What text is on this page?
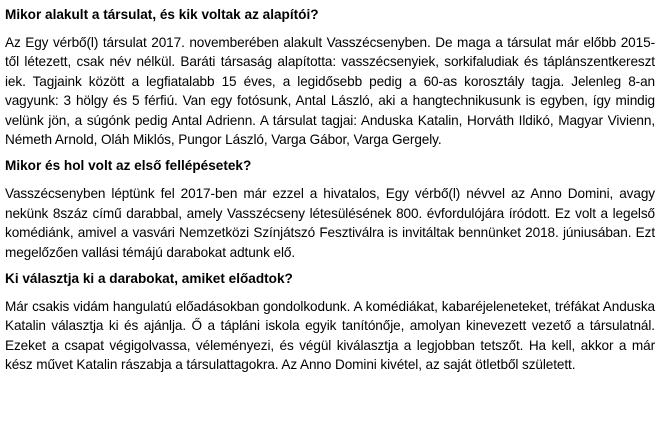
Mikor alakult a társulat, és kik voltak az alapítói?

Az Egy vérbő(l) társulat 2017. novemberében alakult Vasszécsenyben. De maga a társulat már előbb 2015-től létezett, csak név nélkül. Baráti társaság alapította: vasszécsenyiek, sorkifaludiak és táplánszentkereszt iek. Tagjaink között a legfiatalabb 15 éves, a legidősebb pedig a 60-as korosztály tagja. Jelenleg 8-an vagyunk: 3 hölgy és 5 férfiú. Van egy fotósunk, Antal László, aki a hangtechnikusunk is egyben, így mindig velünk jön, a súgónk pedig Antal Adrienn. A társulat tagjai: Anduska Katalin, Horváth Ildikó, Magyar Vivienn, Németh Arnold, Oláh Miklós, Pungor László, Varga Gábor, Varga Gergely.

Mikor és hol volt az első fellépésetek?

Vasszécsenyben léptünk fel 2017-ben már ezzel a hivatalos, Egy vérbő(l) névvel az Anno Domini, avagy nekünk 8száz című darabbal, amely Vasszécseny létesülésének 800. évfordulójára íródott. Ez volt a legelső komédiánk, amivel a vasvári Nemzetközi Színjátszó Fesztiválra is invitáltak bennünket 2018. júniusában. Ezt megelőzően vallási témájú darabokat adtunk elő.

Ki választja ki a darabokat, amiket előadtok?

Már csakis vidám hangulatú előadásokban gondolkodunk. A komédiákat, kabaréjeleneteket, tréfákat Anduska Katalin választja ki és ajánlja. Ő a tápláni iskola egyik tanítónője, amolyan kinevezett vezető a társulatnál. Ezeket a csapat végigolvassa, véleményezi, és végül kiválasztja a legjobban tetszőt. Ha kell, akkor a már kész művet Katalin rászabja a társulattagokra. Az Anno Domini kivétel, az saját ötletből született.
